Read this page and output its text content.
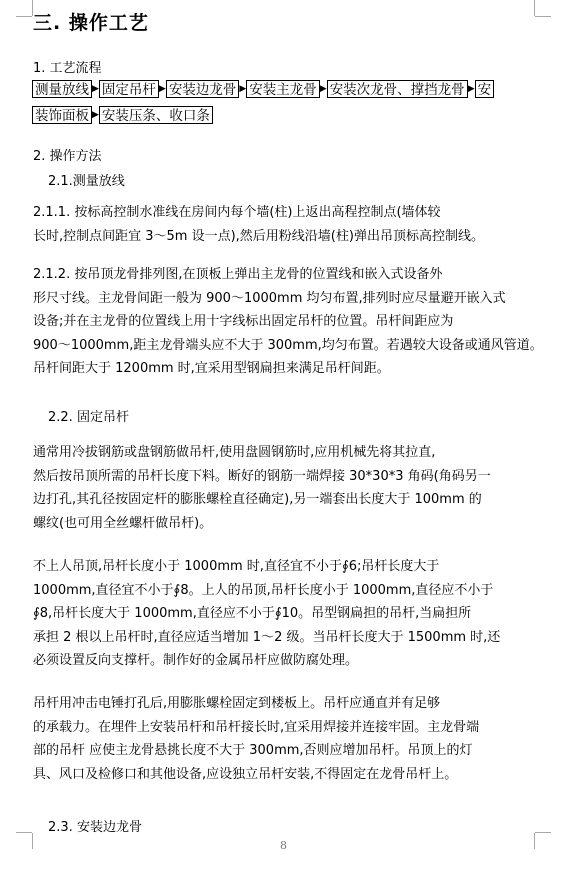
三. 操作工艺
1. 工艺流程
测量放线 ▶ 固定吊杆 ▶ 安装边龙骨 ▶ 安装主龙骨 ▶ 安装次龙骨、撑挡龙骨 ▶ 安
装饰面板 ▶ 安装压条、收口条
2. 操作方法
2.1.测量放线
2.1.1. 按标高控制水准线在房间内每个墙(柱)上返出高程控制点(墙体较
长时,控制点间距宜 3～5m 设一点),然后用粉线沿墙(柱)弹出吊顶标高控制线。
2.1.2. 按吊顶龙骨排列图,在顶板上弹出主龙骨的位置线和嵌入式设备外
形尺寸线。主龙骨间距一般为 900～1000mm 均匀布置,排列时应尽量避开嵌入式
设备;并在主龙骨的位置线上用十字线标出固定吊杆的位置。吊杆间距应为
900～1000mm,距主龙骨端头应不大于 300mm,均匀布置。若遇较大设备或通风管道。
吊杆间距大于 1200mm 时,宜采用型钢扁担来满足吊杆间距。
2.2. 固定吊杆
通常用冷拔钢筋或盘钢筋做吊杆,使用盘圆钢筋时,应用机械先将其拉直,
然后按吊顶所需的吊杆长度下料。断好的钢筋一端焊接 30*30*3 角码(角码另一
边打孔,其孔径按固定杆的膨胀螺栓直径确定),另一端套出长度大于 100mm 的
螺纹(也可用全丝螺杆做吊杆)。
不上人吊顶,吊杆长度小于 1000mm 时,直径宜不小于∮6;吊杆长度大于
1000mm,直径宜不小于∮8。上人的吊顶,吊杆长度小于 1000mm,直径应不小于
∮8,吊杆长度大于 1000mm,直径应不小于∮10。吊型钢扁担的吊杆,当扁担所
承担 2 根以上吊杆时,直径应适当增加 1～2 级。当吊杆长度大于 1500mm 时,还
必须设置反向支撑杆。制作好的金属吊杆应做防腐处理。
吊杆用冲击电锤打孔后,用膨胀螺栓固定到楼板上。吊杆应通直并有足够
的承载力。在埋件上安装吊杆和吊杆接长时,宜采用焊接并连接牢固。主龙骨端
部的吊杆 应使主龙骨悬挑长度不大于 300mm,否则应增加吊杆。吊顶上的灯
具、风口及检修口和其他设备,应设独立吊杆安装,不得固定在龙骨吊杆上。
2.3. 安装边龙骨
8
